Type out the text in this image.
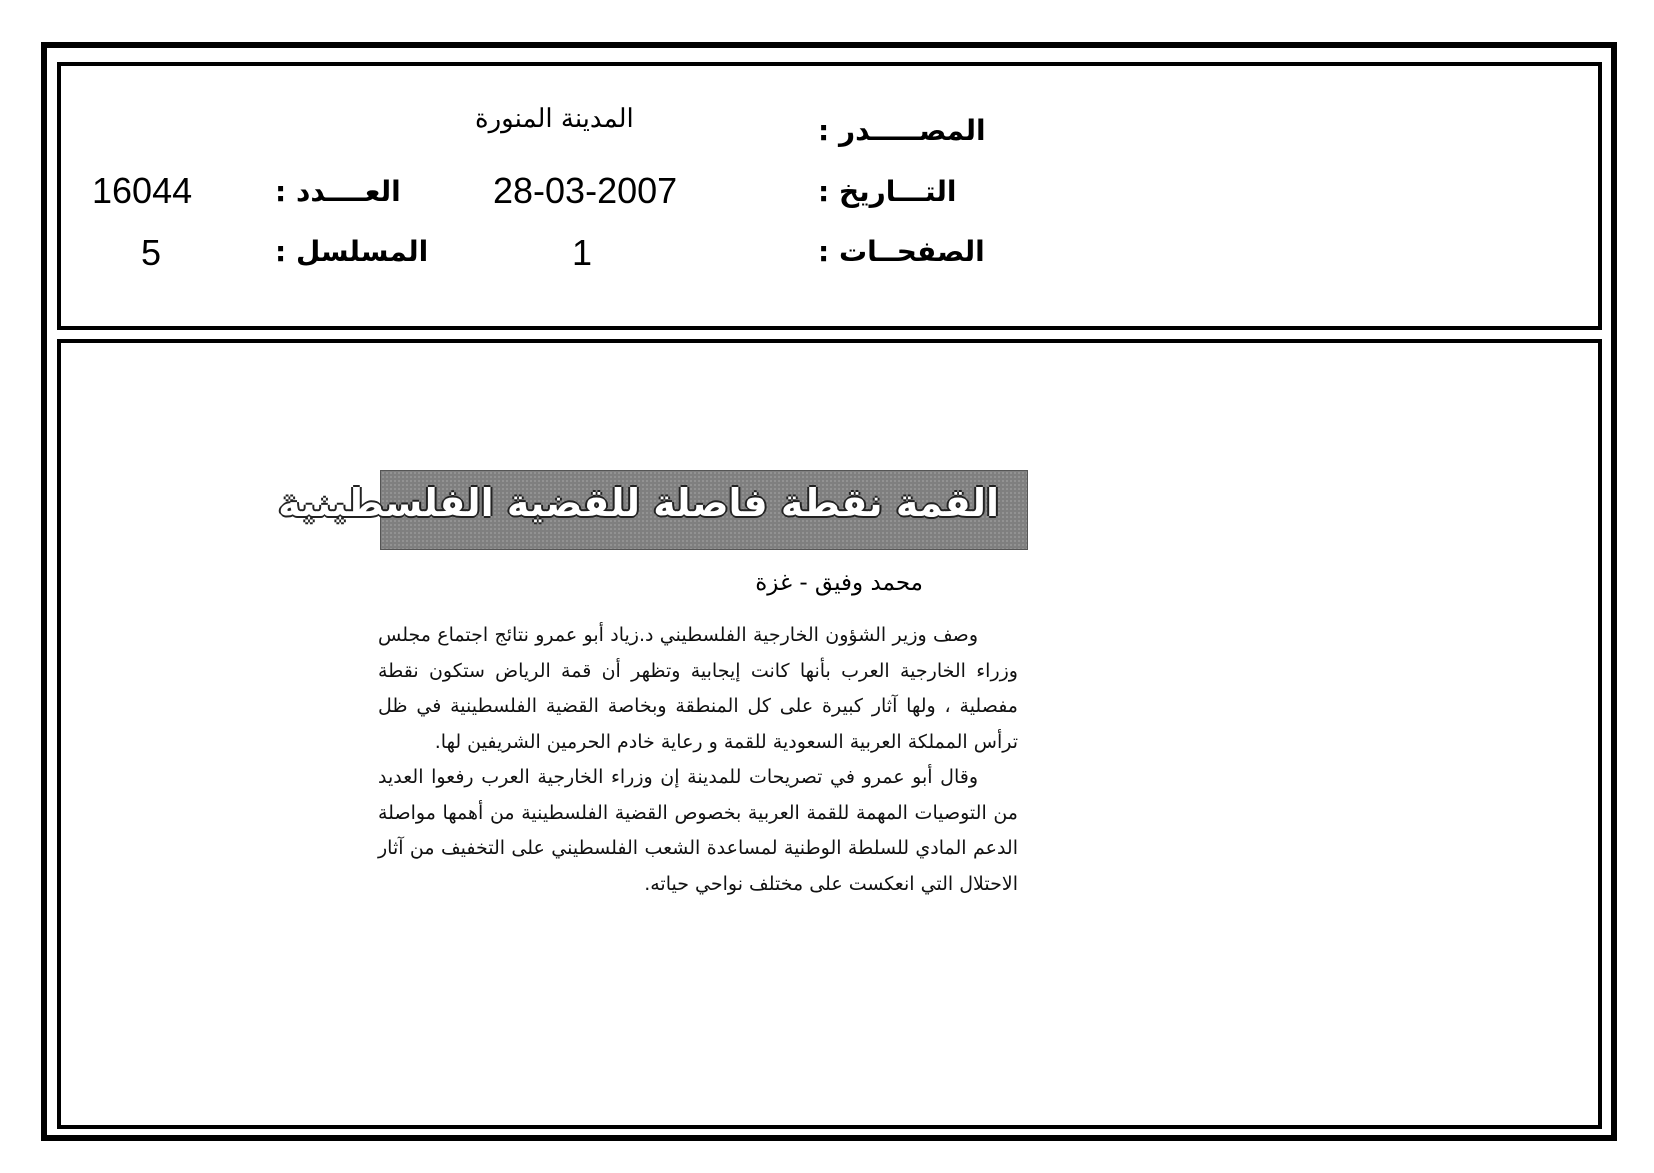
المصـــــدر :
المدينة المنورة
التـــاريخ :
28-03-2007
العــــدد :
16044
الصفحــات :
1
المسلسل :
5
القمة نقطة فاصلة للقضية الفلسطينية
محمد وفيق - غزة

وصف وزير الشؤون الخارجية الفلسطيني د.زياد أبو عمرو نتائج اجتماع مجلس وزراء الخارجية العرب بأنها كانت إيجابية وتظهر أن قمة الرياض ستكون نقطة مفصلية ، ولها آثار كبيرة على كل المنطقة وبخاصة القضية الفلسطينية في ظل ترأس المملكة العربية السعودية للقمة و رعاية خادم الحرمين الشريفين لها.

وقال أبو عمرو في تصريحات للمدينة إن وزراء الخارجية العرب رفعوا العديد من التوصيات المهمة للقمة العربية بخصوص القضية الفلسطينية من أهمها مواصلة الدعم المادي للسلطة الوطنية لمساعدة الشعب الفلسطيني على التخفيف من آثار الاحتلال التي انعكست على مختلف نواحي حياته.
